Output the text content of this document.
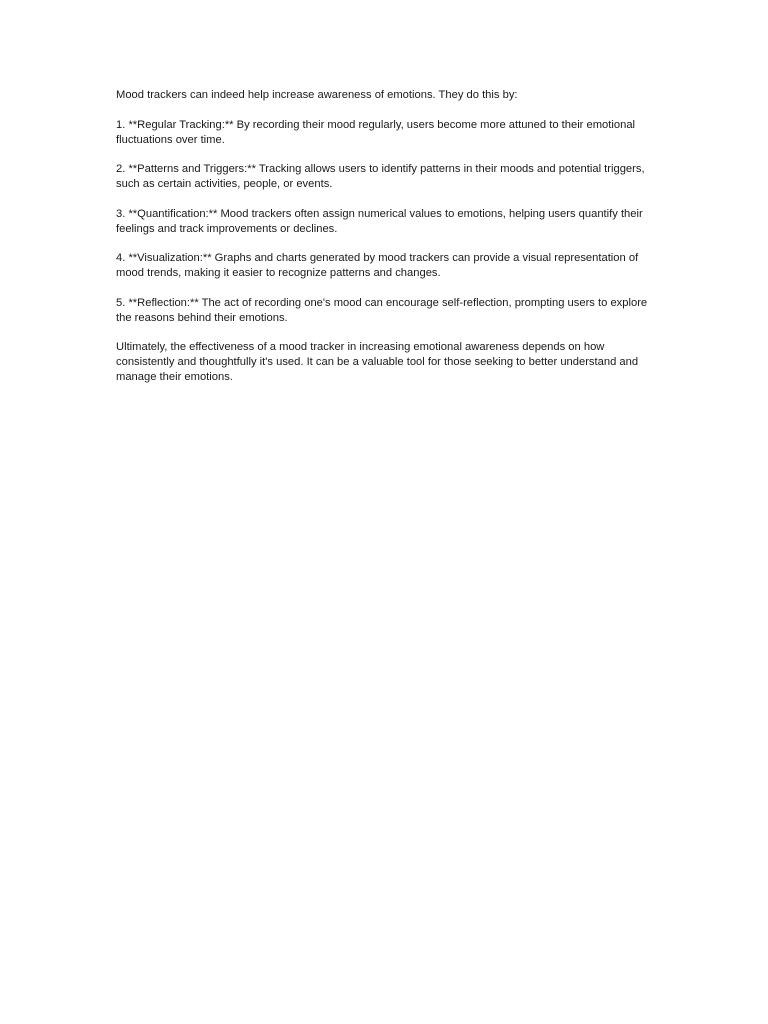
Mood trackers can indeed help increase awareness of emotions. They do this by:

1. **Regular Tracking:** By recording their mood regularly, users become more attuned to their emotional fluctuations over time.

2. **Patterns and Triggers:** Tracking allows users to identify patterns in their moods and potential triggers, such as certain activities, people, or events.

3. **Quantification:** Mood trackers often assign numerical values to emotions, helping users quantify their feelings and track improvements or declines.

4. **Visualization:** Graphs and charts generated by mood trackers can provide a visual representation of mood trends, making it easier to recognize patterns and changes.

5. **Reflection:** The act of recording one's mood can encourage self-reflection, prompting users to explore the reasons behind their emotions.

Ultimately, the effectiveness of a mood tracker in increasing emotional awareness depends on how consistently and thoughtfully it's used. It can be a valuable tool for those seeking to better understand and manage their emotions.
